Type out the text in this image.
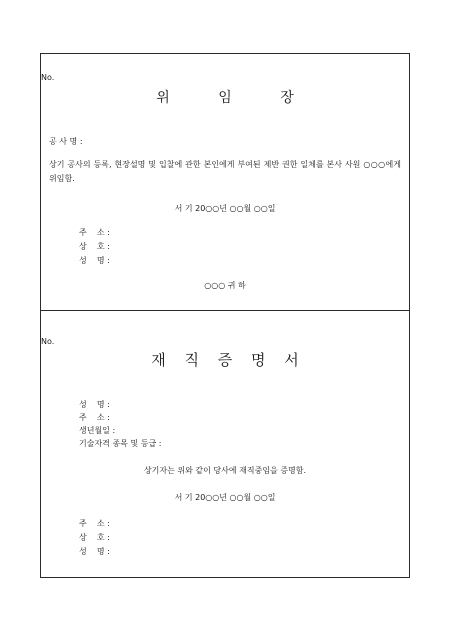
No.
위 임 장
공 사 명 :
상기 공사의 등록, 현장설명 및 입찰에 관한 본인에게 부여된 제반 권한 일체를 본사 사원 ○○○에게 위임함.
서 기 20○○년 ○○월 ○○일
주    소 :
상    호 :
성    명 :
○○○ 귀 하
No.
재 직 증 명 서
성    명 :
주    소 :
생년월일 :
기술자격 종목 및 등급 :
상기자는 위와 같이 당사에 재직중임을 증명함.
서 기 20○○년 ○○월 ○○일
주    소 :
상    호 :
성    명 :
